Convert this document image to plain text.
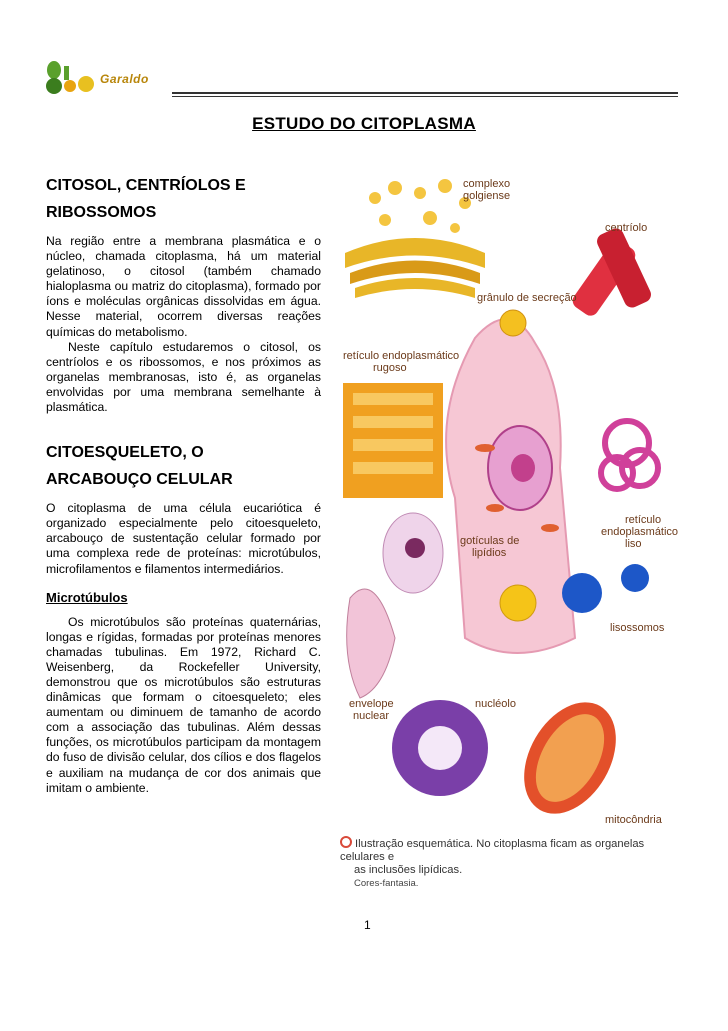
Garaldo
ESTUDO DO CITOPLASMA
CITOSOL, CENTRÍOLOS E
RIBOSSOMOS

Na região entre a membrana plasmática e o núcleo, chamada citoplasma, há um material gelatinoso, o citosol (também chamado hialoplasma ou matriz do citoplasma), formado por íons e moléculas orgânicas dissolvidas em água. Nesse material, ocorrem diversas reações químicas do metabolismo.

Neste capítulo estudaremos o citosol, os centríolos e os ribossomos, e nos próximos as organelas membranosas, isto é, as organelas envolvidas por uma membrana semelhante à plasmática.

CITOESQUELETO, O
ARCABOUÇO CELULAR

O citoplasma de uma célula eucariótica é organizado especialmente pelo citoesqueleto, arcabouço de sustentação celular formado por uma complexa rede de proteínas: microtúbulos, microfilamentos e filamentos intermediários.

Microtúbulos

Os microtúbulos são proteínas quaternárias, longas e rígidas, formadas por proteínas menores chamadas tubulinas. Em 1972, Richard C. Weisenberg, da Rockefeller University, demonstrou que os microtúbulos são estruturas dinâmicas que formam o citoesqueleto; eles aumentam ou diminuem de tamanho de acordo com a associação das tubulinas. Além dessas funções, os microtúbulos participam da montagem do fuso de divisão celular, dos cílios e dos flagelos e auxiliam na mudança de cor dos animais que imitam o ambiente.

complexo
golgiense
centríolo
grânulo de secreção
retículo endoplasmático
rugoso
retículo
endoplasmático
liso
gotículas de
lipídios
lisossomos
envelope
nuclear
nucléolo
mitocôndria
Ilustração esquemática. No citoplasma ficam as organelas celulares e
as inclusões lipídicas.
Cores-fantasia.
1
